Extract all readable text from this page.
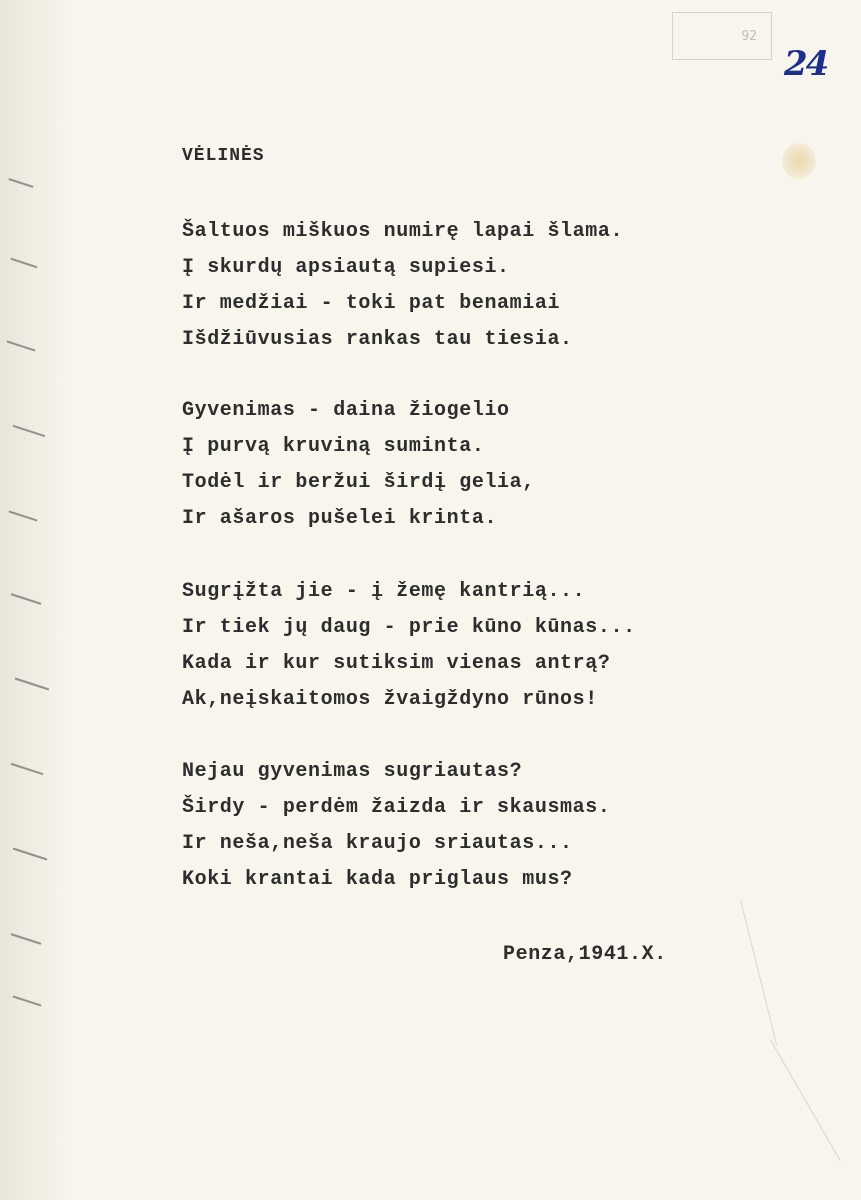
92
24
VĖLINĖS
Šaltuos miškuos numirę lapai šlama.
Į skurdų apsiautą supiesi.
Ir medžiai - toki pat benamiai
Išdžiūvusias rankas tau tiesia.
Gyvenimas - daina žiogelio
Į purvą kruviną suminta.
Todėl ir beržui širdį gelia,
Ir ašaros pušelei krinta.
Sugrįžta jie - į žemę kantrią...
Ir tiek jų daug - prie kūno kūnas...
Kada ir kur sutiksim vienas antrą?
Ak,neįskaitomos žvaigždyno rūnos!
Nejau gyvenimas sugriautas?
Širdy - perdėm žaizda ir skausmas.
Ir neša,neša kraujo sriautas...
Koki krantai kada priglaus mus?
Penza,1941.X.
